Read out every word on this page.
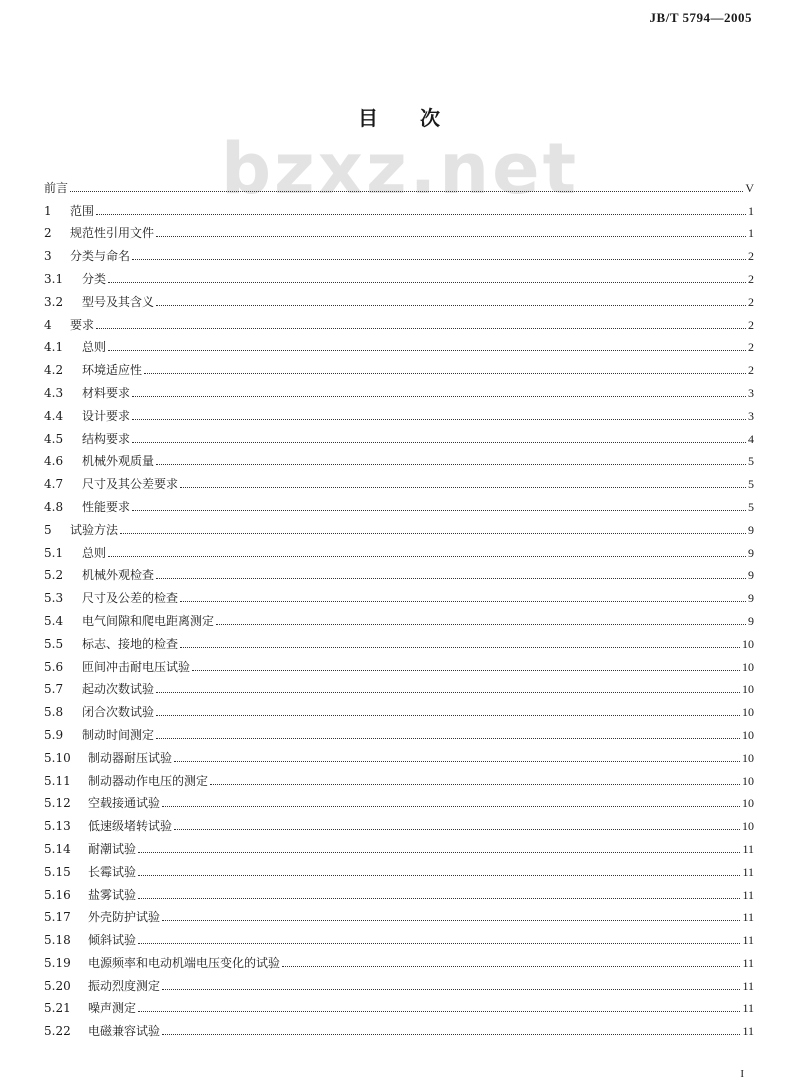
JB/T 5794—2005
bzxz.net
目 次
前言	V
1	范围	1
2	规范性引用文件	1
3	分类与命名	2
3.1	分类	2
3.2	型号及其含义	2
4	要求	2
4.1	总则	2
4.2	环境适应性	2
4.3	材料要求	3
4.4	设计要求	3
4.5	结构要求	4
4.6	机械外观质量	5
4.7	尺寸及其公差要求	5
4.8	性能要求	5
5	试验方法	9
5.1	总则	9
5.2	机械外观检查	9
5.3	尺寸及公差的检查	9
5.4	电气间隙和爬电距离测定	9
5.5	标志、接地的检查	10
5.6	匝间冲击耐电压试验	10
5.7	起动次数试验	10
5.8	闭合次数试验	10
5.9	制动时间测定	10
5.10	制动器耐压试验	10
5.11	制动器动作电压的测定	10
5.12	空载接通试验	10
5.13	低速级堵转试验	10
5.14	耐潮试验	11
5.15	长霉试验	11
5.16	盐雾试验	11
5.17	外壳防护试验	11
5.18	倾斜试验	11
5.19	电源频率和电动机端电压变化的试验	11
5.20	振动烈度测定	11
5.21	噪声测定	11
5.22	电磁兼容试验	11
I
